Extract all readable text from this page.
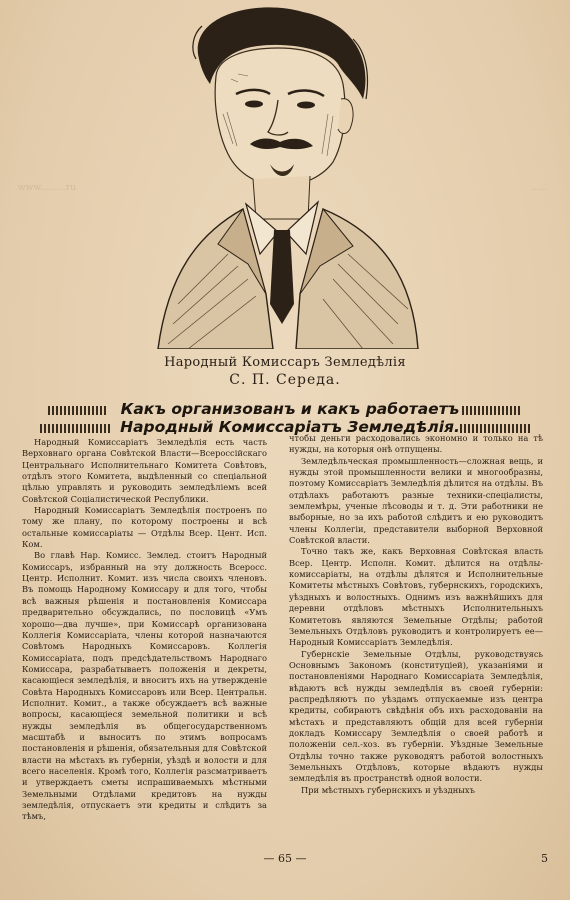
www.........ru	......
Народный Комиссаръ Земледѣлія
С. П. Середа.
Какъ организованъ и какъ работаетъ
Народный Комиссаріатъ Земледѣлія.

Народный Комиссаріатъ Земледѣлія есть часть Верховнаго органа Совѣтской Власти—Всероссійскаго Центральнаго Исполнительнаго Комитета Совѣтовъ, отдѣлъ этого Комитета, выдѣленный со спеціальной цѣлью управлять и руководить земледѣліемъ всей Совѣтской Соціалистической Республики.

Народный Комиссаріатъ Земледѣлія построенъ по тому же плану, по которому построены и всѣ остальные комиссаріаты — Отдѣлы Всер. Цент. Исп. Ком.

Во главѣ Нар. Комисс. Землед. стоитъ Народный Комиссаръ, избранный на эту должность Всеросс. Центр. Исполнит. Комит. изъ числа своихъ членовъ. Въ помощь Народному Комиссару и для того, чтобы всѣ важныя рѣшенія и постановленія Комиссара предварительно обсуждались, по пословицѣ «Умъ хорошо—два лучше», при Комиссарѣ организована Коллегія Комиссаріата, члены которой назначаются Совѣтомъ Народныхъ Комиссаровъ. Коллегія Комиссаріата, подъ предсѣдательствомъ Народнаго Комиссара, разрабатываетъ положенія и декреты, касающіеся земледѣлія, и вноситъ ихъ на утвержденіе Совѣта Народныхъ Комиссаровъ или Всер. Центральн. Исполнит. Комит., а также обсуждаетъ всѣ важные вопросы, касающіеся земельной политики и всѣ нужды земледѣлія въ общегосударственномъ масштабѣ и выноситъ по этимъ вопросамъ постановленія и рѣшенія, обязательныя для Совѣтской власти на мѣстахъ въ губерніи, уѣздѣ и волости и для всего населенія. Кромѣ того, Коллегія разсматриваетъ и утверждаетъ сметы испрашиваемыхъ мѣстными Земельными Отдѣлами кредитовъ на нужды земледѣлія, отпускаетъ эти кредиты и слѣдитъ за тѣмъ,

чтобы деньги расходовались экономно и только на тѣ нужды, на которыя онѣ отпущены.

Земледѣльческая промышленность—сложная вещь, и нужды этой промышленности велики и многообразны, поэтому Комиссаріатъ Земледѣлія дѣлится на отдѣлы. Въ отдѣлахъ работаютъ разные техники-спеціалисты, землемѣры, ученые лѣсоводы и т. д. Эти работники не выборные, но за ихъ работой слѣдитъ и ею руководитъ члены Коллегіи, представители выборной Верховной Совѣтской власти.

Точно такъ же, какъ Верховная Совѣтская власть Всер. Центр. Исполн. Комит. дѣлится на отдѣлы-комиссаріаты, на отдѣлы дѣлятся и Исполнительные Комитеты мѣстныхъ Совѣтовъ, губернскихъ, городскихъ, уѣздныхъ и волостныхъ. Однимъ изъ важнѣйшихъ для деревни отдѣловъ мѣстныхъ Исполнительныхъ Комитетовъ являются Земельные Отдѣлы; работой Земельныхъ Отдѣловъ руководитъ и контролируетъ ее—Народный Комиссаріатъ Земледѣлія.

Губернскіе Земельные Отдѣлы, руководствуясь Основнымъ Закономъ (конституціей), указаніями и постановленіями Народнаго Комиссаріата Земледѣлія, вѣдаютъ всѣ нужды земледѣлія въ своей губерніи: распредѣляютъ по уѣздамъ отпускаемые изъ центра кредиты, собираютъ свѣдѣнія объ ихъ расходованіи на мѣстахъ и представляютъ общій для всей губерніи докладъ Комиссару Земледѣлія о своей работѣ и положеніи сел.-хоз. въ губерніи. Уѣздные Земельные Отдѣлы точно также руководятъ работой волостныхъ Земельныхъ Отдѣловъ, которые вѣдаютъ нужды земледѣлія въ пространствѣ одной волости.

При мѣстныхъ губернскихъ и уѣздныхъ

— 65 —	5
